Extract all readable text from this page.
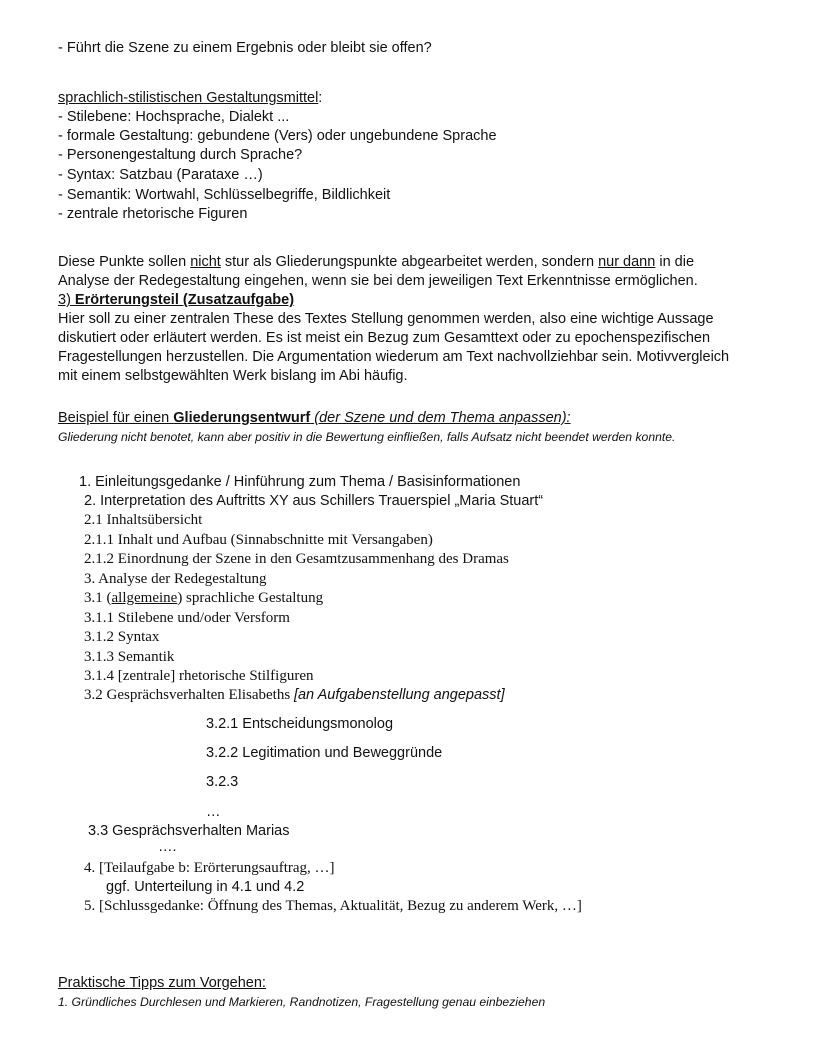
- Führt die Szene zu einem Ergebnis oder bleibt sie offen?
sprachlich-stilistischen Gestaltungsmittel:
- Stilebene: Hochsprache, Dialekt ...
- formale Gestaltung: gebundene (Vers) oder ungebundene Sprache
- Personengestaltung durch Sprache?
- Syntax: Satzbau (Parataxe …)
- Semantik: Wortwahl, Schlüsselbegriffe, Bildlichkeit
- zentrale rhetorische Figuren
Diese Punkte sollen nicht stur als Gliederungspunkte abgearbeitet werden, sondern nur dann in die
Analyse der Redegestaltung eingehen, wenn sie bei dem jeweiligen Text Erkenntnisse ermöglichen.
3) Erörterungsteil (Zusatzaufgabe)
Hier soll zu einer zentralen These des Textes Stellung genommen werden, also eine wichtige Aussage
diskutiert oder erläutert werden. Es ist meist ein Bezug zum Gesamttext oder zu epochenspezifischen
Fragestellungen herzustellen. Die Argumentation wiederum am Text nachvollziehbar sein. Motivvergleich
mit einem selbstgewählten Werk bislang im Abi häufig.
Beispiel für einen Gliederungsentwurf (der Szene und dem Thema anpassen):
Gliederung nicht benotet, kann aber positiv in die Bewertung einfließen, falls Aufsatz nicht beendet werden konnte.
1. Einleitungsgedanke / Hinführung zum Thema / Basisinformationen
2. Interpretation des Auftritts XY aus Schillers Trauerspiel „Maria Stuart“
2.1 Inhaltsübersicht
2.1.1 Inhalt und Aufbau (Sinnabschnitte mit Versangaben)
2.1.2 Einordnung der Szene in den Gesamtzusammenhang des Dramas
3. Analyse der Redegestaltung
3.1 (allgemeine) sprachliche Gestaltung
3.1.1 Stilebene und/oder Versform
3.1.2 Syntax
3.1.3 Semantik
3.1.4 [zentrale] rhetorische Stilfiguren
3.2 Gesprächsverhalten Elisabeths [an Aufgabenstellung angepasst]
3.2.1 Entscheidungsmonolog
3.2.2 Legitimation und Beweggründe
3.2.3
…
3.3 Gesprächsverhalten Marias
….
4. [Teilaufgabe b: Erörterungsauftrag, …]
ggf. Unterteilung in 4.1 und 4.2
5. [Schlussgedanke: Öffnung des Themas, Aktualität, Bezug zu anderem Werk, …]
Praktische Tipps zum Vorgehen:
1. Gründliches Durchlesen und Markieren, Randnotizen, Fragestellung genau einbeziehen
